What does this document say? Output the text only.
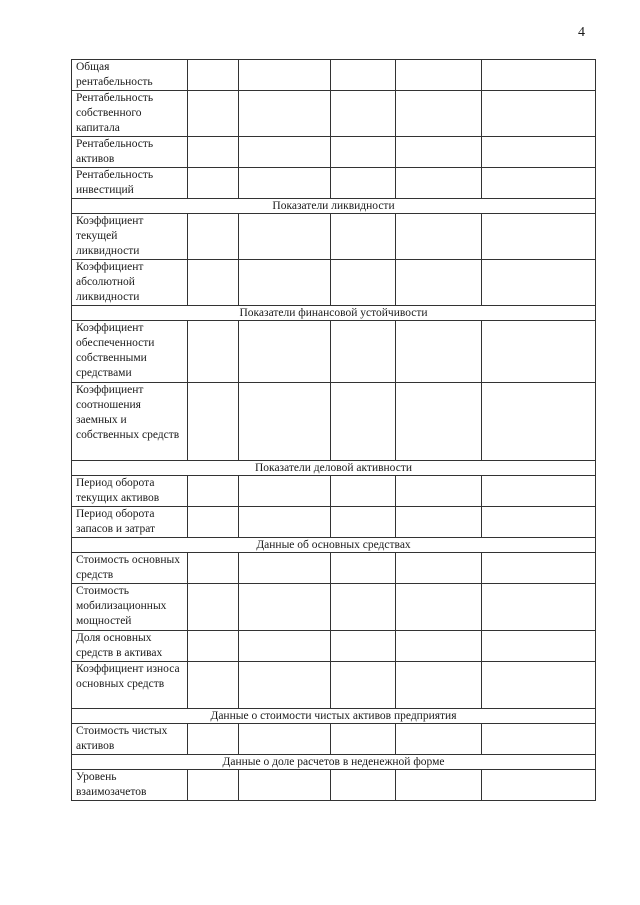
4
Общая рентабельность					
Рентабельность собственного капитала					
Рентабельность активов					
Рентабельность инвестиций					
Показатели ликвидности					
Коэффициент текущей ликвидности					
Коэффициент абсолютной ликвидности					
Показатели финансовой устойчивости					
Коэффициент обеспеченности собственными средствами					
Коэффициент соотношения заемных и собственных средств					
Показатели деловой активности					
Период оборота текущих активов					
Период оборота запасов и затрат					
Данные об основных средствах					
Стоимость основных средств					
Стоимость мобилизационных мощностей					
Доля основных средств в активах					
Коэффициент износа основных средств					
Данные о стоимости чистых активов предприятия					
Стоимость чистых активов					
Данные о доле расчетов в неденежной форме					
Уровень взаимозачетов					
